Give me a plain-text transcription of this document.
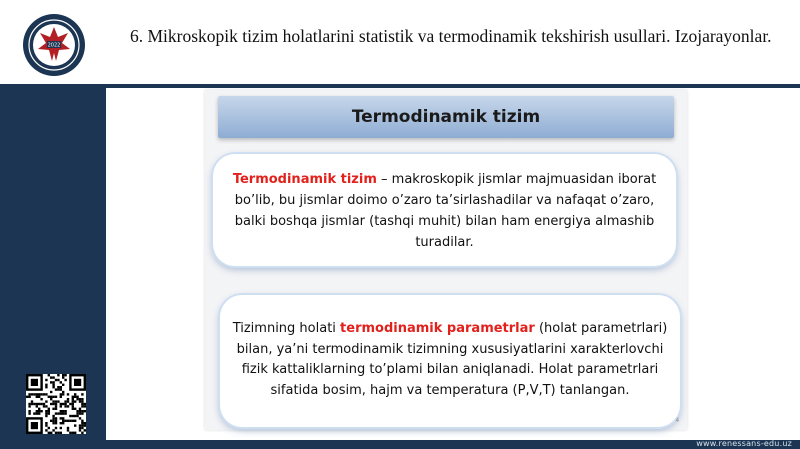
2022	6. Mikroskopik tizim holatlarini statistik va termodinamik tekshirish usullari. Izojarayonlar.
www.renessans-edu.uz
Termodinamik tizim
Termodinamik tizim – makroskopik jismlar majmuasidan iborat bo’lib, bu jismlar doimo o’zaro ta’sirlashadilar va nafaqat o’zaro, balki boshqa jismlar (tashqi muhit) bilan ham energiya almashib turadilar.
Tizimning holati termodinamik parametrlar (holat parametrlari) bilan, ya’ni termodinamik tizimning xususiyatlarini xarakterlovchi fizik kattaliklarning to’plami bilan aniqlanadi. Holat parametrlari sifatida bosim, hajm va temperatura (P,V,T) tanlangan.
4
